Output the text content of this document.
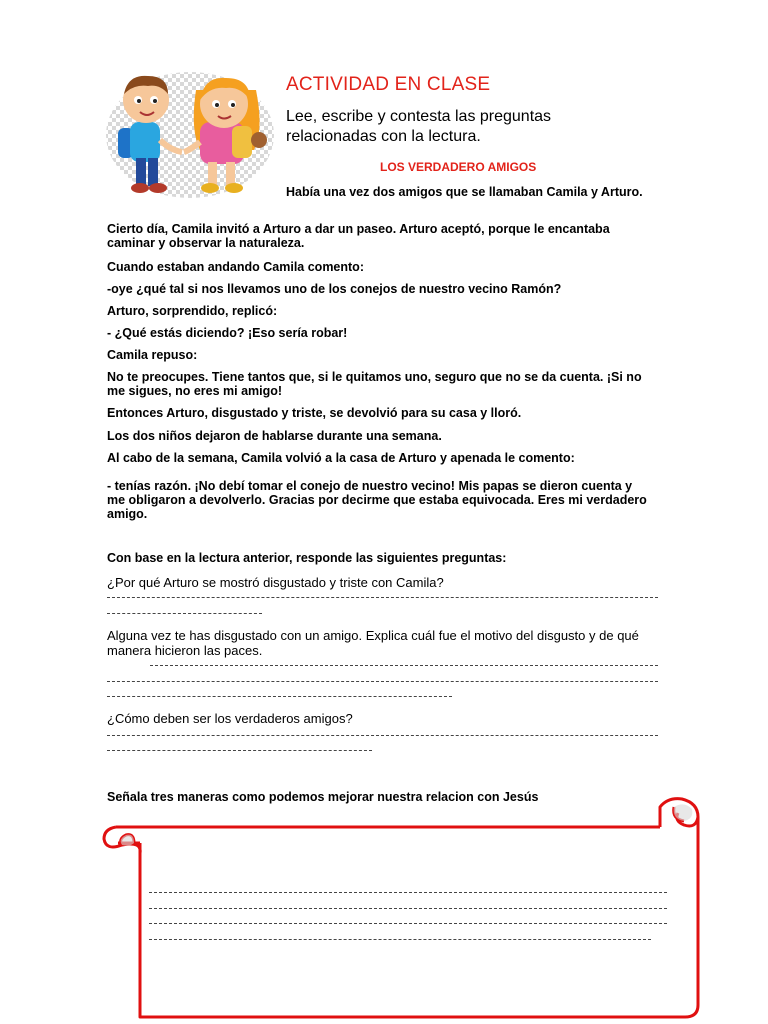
ACTIVIDAD EN CLASE
Lee, escribe y contesta las preguntas relacionadas con la lectura.
LOS VERDADERO AMIGOS
Había una vez dos amigos que se llamaban Camila y Arturo.
Cierto día, Camila invitó a Arturo a dar un paseo. Arturo aceptó, porque le encantaba caminar y observar la naturaleza.
Cuando estaban andando Camila comento:
-oye ¿qué tal si nos llevamos uno de los conejos de nuestro vecino Ramón?
Arturo, sorprendido, replicó:
- ¿Qué estás diciendo? ¡Eso sería robar!
Camila repuso:
No te preocupes. Tiene tantos que, si le quitamos uno, seguro que no se da cuenta. ¡Si no me sigues, no eres mi amigo!
Entonces Arturo, disgustado y triste, se devolvió para su casa y lloró.
Los dos niños dejaron de hablarse durante una semana.
Al cabo de la semana, Camila volvió a la casa de Arturo y apenada le comento:
- tenías razón. ¡No debí tomar el conejo de nuestro vecino! Mis papas se dieron cuenta y me obligaron a devolverlo. Gracias por decirme que estaba equivocada. Eres mi verdadero amigo.
Con base en la lectura anterior, responde las siguientes preguntas:
¿Por qué Arturo se mostró disgustado y triste con Camila?
Alguna vez te has disgustado con un amigo. Explica cuál fue el motivo del disgusto y de qué manera hicieron las paces.
¿Cómo deben ser los verdaderos amigos?
Señala tres maneras como podemos mejorar nuestra relacion con Jesús
